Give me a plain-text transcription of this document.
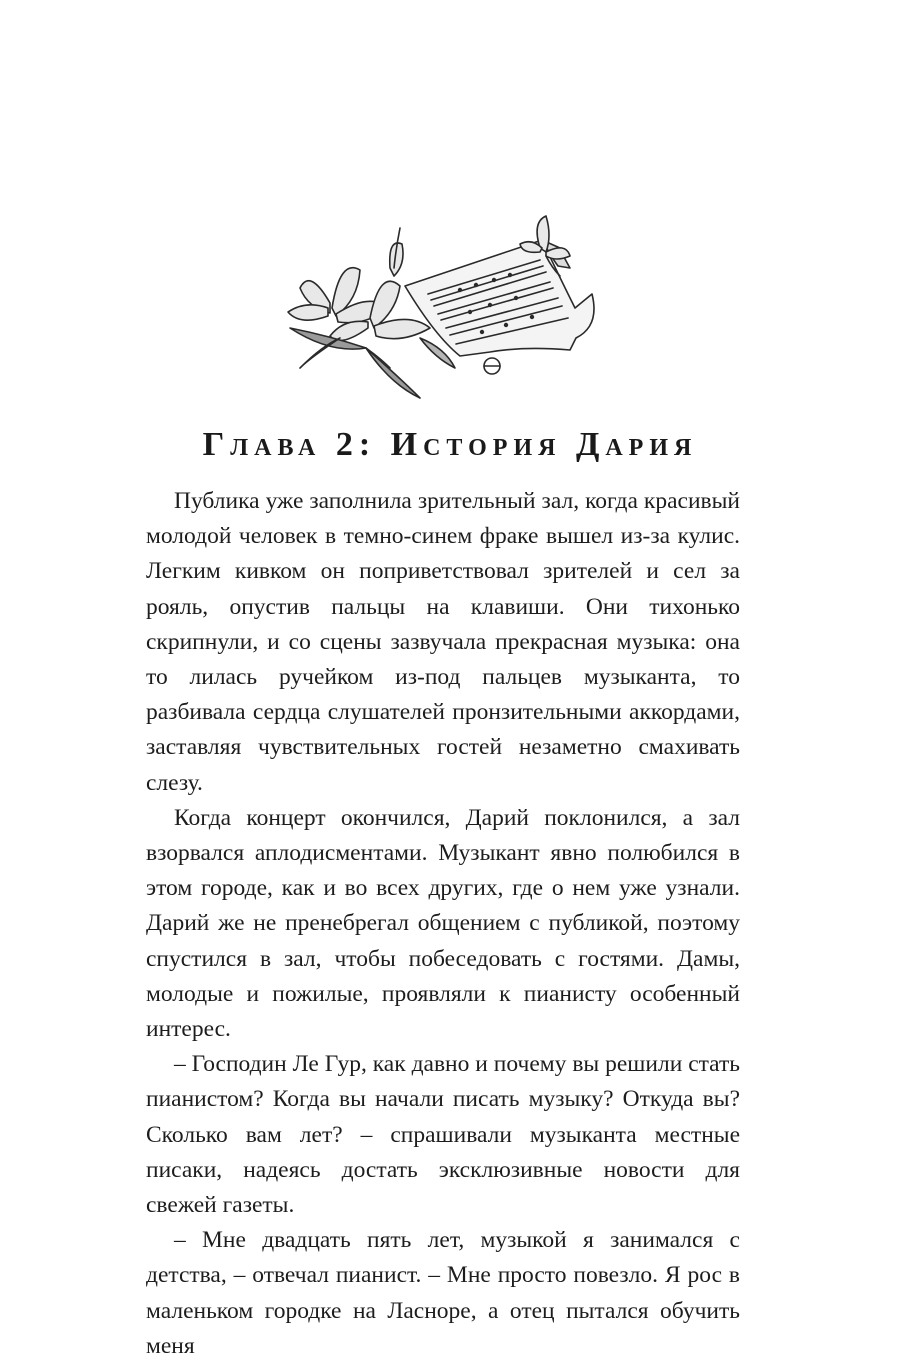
Глава 2: История Дария

Публика уже заполнила зрительный зал, когда красивый молодой человек в темно-синем фраке вышел из-за кулис. Легким кивком он поприветствовал зрителей и сел за рояль, опустив пальцы на клавиши. Они тихонько скрипнули, и со сцены зазвучала прекрасная музыка: она то лилась ручейком из-под пальцев музыканта, то разбивала сердца слушателей пронзительными аккордами, заставляя чувствительных гостей незаметно смахивать слезу.

Когда концерт окончился, Дарий поклонился, а зал взорвался аплодисментами. Музыкант явно полюбился в этом городе, как и во всех других, где о нем уже узнали. Дарий же не пренебрегал общением с публикой, поэтому спустился в зал, чтобы побеседовать с гостями. Дамы, молодые и пожилые, проявляли к пианисту особенный интерес.

– Господин Ле Гур, как давно и почему вы решили стать пианистом? Когда вы начали писать музыку? Откуда вы? Сколько вам лет? – спрашивали музыканта местные писаки, надеясь достать эксклюзивные новости для свежей газеты.

– Мне двадцать пять лет, музыкой я занимался с детства, – отвечал пианист. – Мне просто повезло. Я рос в маленьком городке на Ласноре, а отец пытался обучить меня
